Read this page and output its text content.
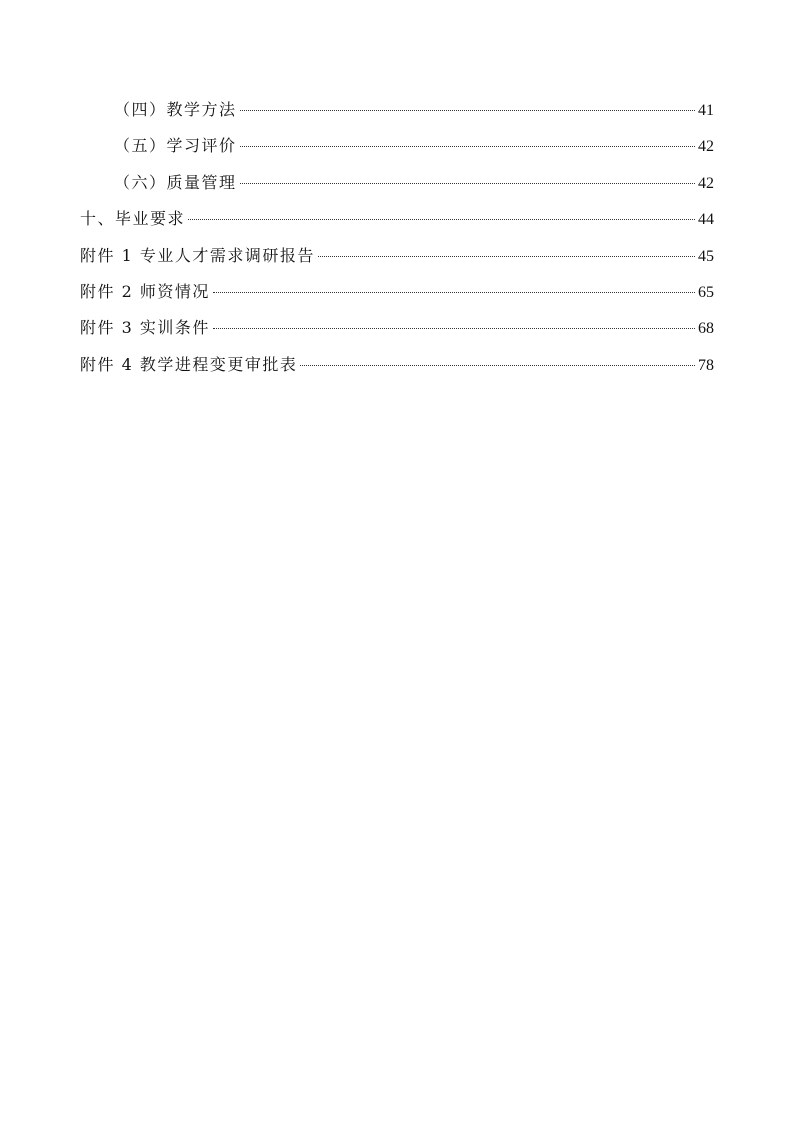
（四）教学方法	41
（五）学习评价	42
（六）质量管理	42
十、毕业要求	44
附件 1 专业人才需求调研报告	45
附件 2 师资情况	65
附件 3 实训条件	68
附件 4 教学进程变更审批表	78
